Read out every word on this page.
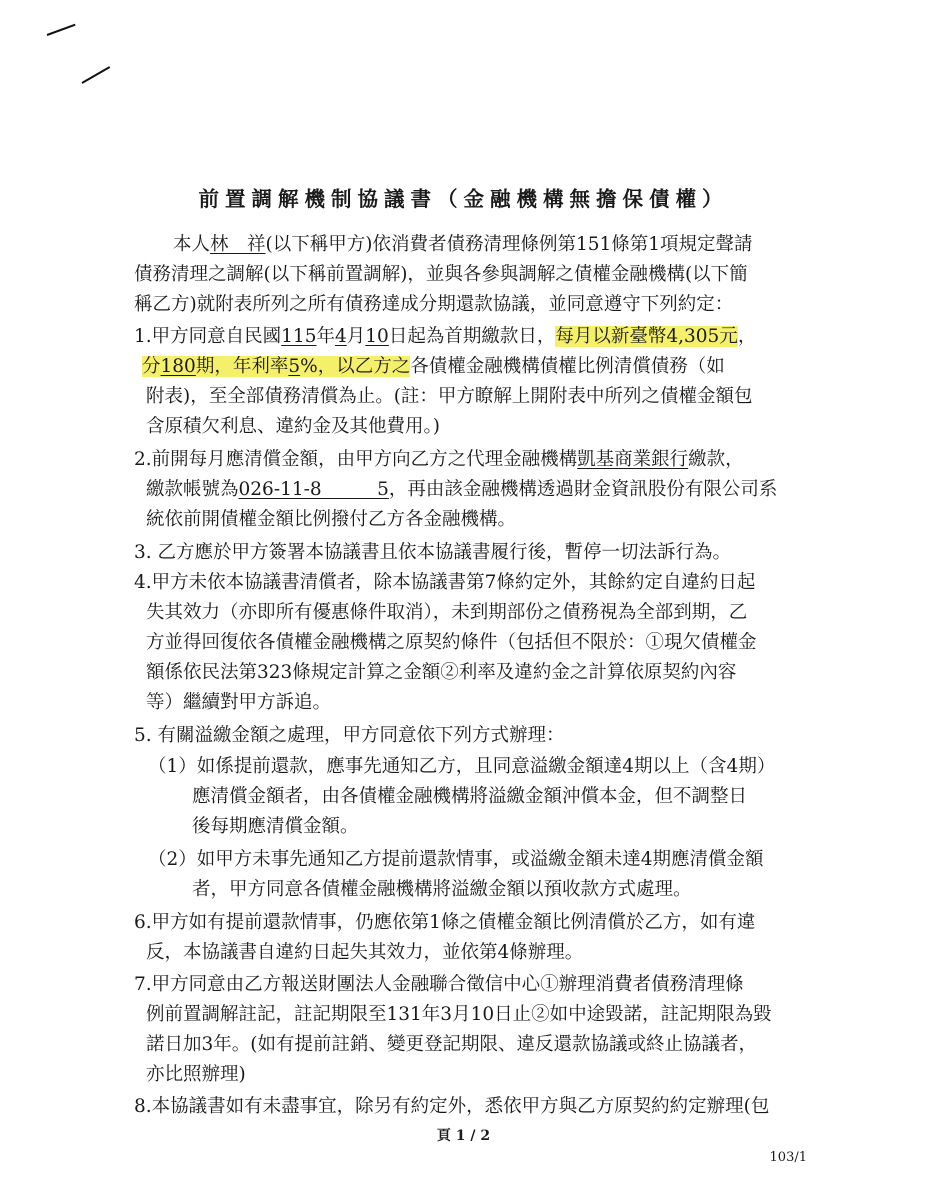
前置調解機制協議書（金融機構無擔保債權）
本人林　祥(以下稱甲方)依消費者債務清理條例第151條第1項規定聲請
債務清理之調解(以下稱前置調解)，並與各參與調解之債權金融機構(以下簡
稱乙方)就附表所列之所有債務達成分期還款協議，並同意遵守下列約定：
1.甲方同意自民國115年4月10日起為首期繳款日，每月以新臺幣4,305元，
分180期，年利率5%，以乙方之各債權金融機構債權比例清償債務（如
附表)，至全部債務清償為止。(註：甲方瞭解上開附表中所列之債權金額包
含原積欠利息、違約金及其他費用。)
2.前開每月應清償金額，由甲方向乙方之代理金融機構凱基商業銀行繳款，
繳款帳號為026-11-8　　　5，再由該金融機構透過財金資訊股份有限公司系
統依前開債權金額比例撥付乙方各金融機構。
3. 乙方應於甲方簽署本協議書且依本協議書履行後，暫停一切法訴行為。
4.甲方未依本協議書清償者，除本協議書第7條約定外，其餘約定自違約日起
失其效力（亦即所有優惠條件取消），未到期部份之債務視為全部到期，乙
方並得回復依各債權金融機構之原契約條件（包括但不限於：①現欠債權金
額係依民法第323條規定計算之金額②利率及違約金之計算依原契約內容
等）繼續對甲方訴追。
5. 有關溢繳金額之處理，甲方同意依下列方式辦理：
（1）如係提前還款，應事先通知乙方，且同意溢繳金額達4期以上（含4期）
應清償金額者，由各債權金融機構將溢繳金額沖償本金，但不調整日
後每期應清償金額。
（2）如甲方未事先通知乙方提前還款情事，或溢繳金額未達4期應清償金額
者，甲方同意各債權金融機構將溢繳金額以預收款方式處理。
6.甲方如有提前還款情事，仍應依第1條之債權金額比例清償於乙方，如有違
反，本協議書自違約日起失其效力，並依第4條辦理。
7.甲方同意由乙方報送財團法人金融聯合徵信中心①辦理消費者債務清理條
例前置調解註記，註記期限至131年3月10日止②如中途毀諾，註記期限為毀
諾日加3年。(如有提前註銷、變更登記期限、違反還款協議或終止協議者，
亦比照辦理)
8.本協議書如有未盡事宜，除另有約定外，悉依甲方與乙方原契約約定辦理(包
頁 1 / 2
103/1
